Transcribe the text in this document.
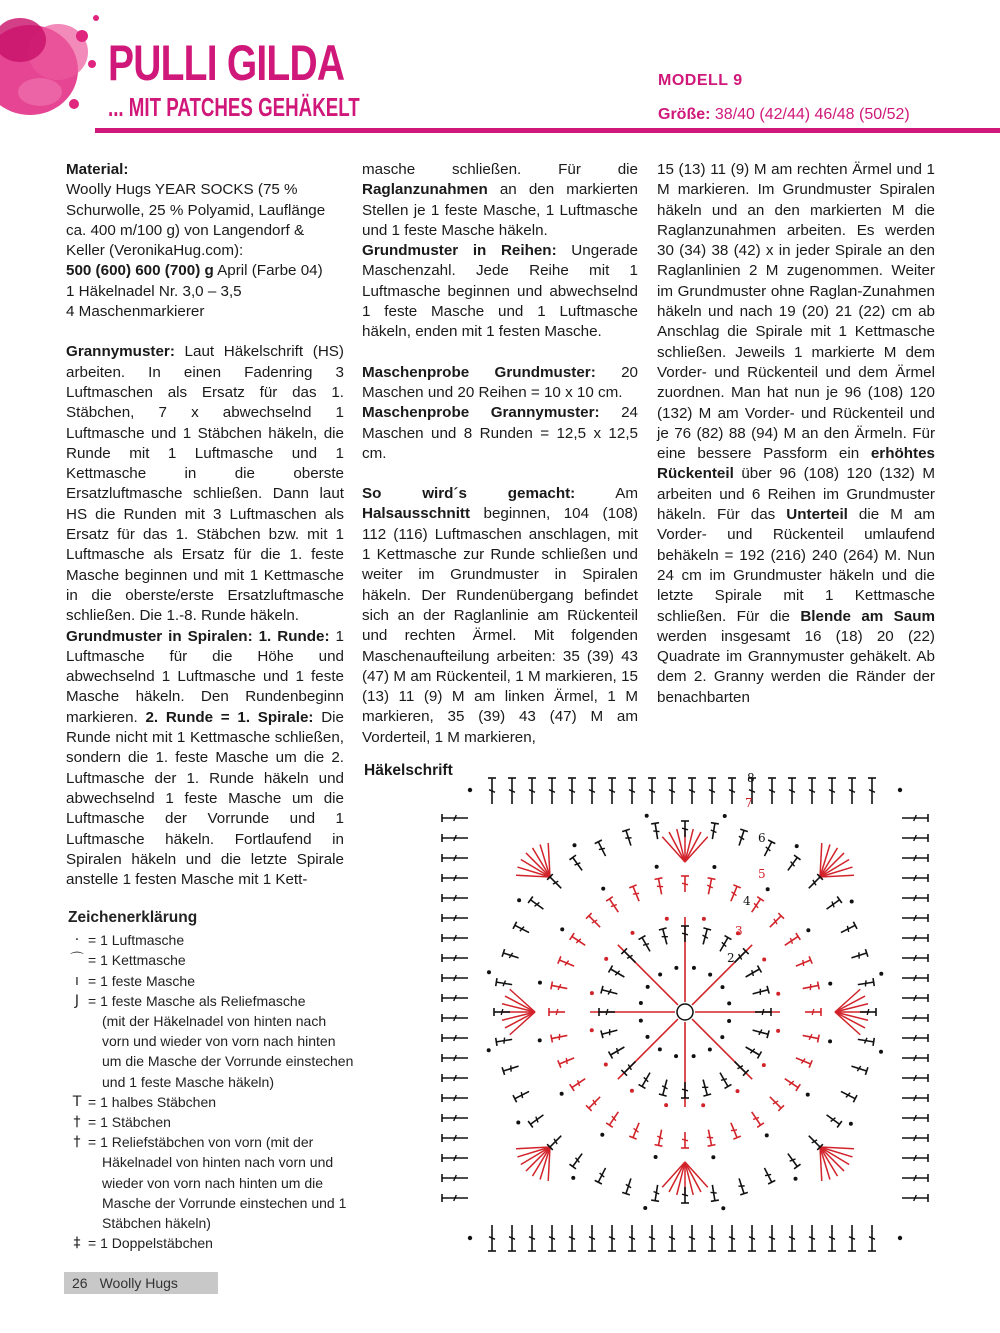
PULLI GILDA
... MIT PATCHES GEHÄKELT
MODELL 9
Größe: 38/40 (42/44) 46/48 (50/52)

Material:

Woolly Hugs YEAR SOCKS (75 % Schurwolle, 25 % Polyamid, Lauflänge ca. 400 m/100 g) von Langendorf & Keller (VeronikaHug.com):

500 (600) 600 (700) g April (Farbe 04)

1 Häkelnadel Nr. 3,0 – 3,5

4 Maschenmarkierer

Grannymuster: Laut Häkelschrift (HS) arbeiten. In einen Fadenring 3 Luftmaschen als Ersatz für das 1. Stäbchen, 7 x abwechselnd 1 Luftmasche und 1 Stäbchen häkeln, die Runde mit 1 Luftmasche und 1 Kettmasche in die oberste Ersatzluftmasche schließen. Dann laut HS die Runden mit 3 Luftmaschen als Ersatz für das 1. Stäbchen bzw. mit 1 Luftmasche als Ersatz für die 1. feste Masche beginnen und mit 1 Kettmasche in die oberste/erste Ersatzluftmasche schließen. Die 1.-8. Runde häkeln.

Grundmuster in Spiralen: 1. Runde: 1 Luftmasche für die Höhe und abwechselnd 1 Luftmasche und 1 feste Masche häkeln. Den Rundenbeginn markieren. 2. Runde = 1. Spirale: Die Runde nicht mit 1 Kettmasche schließen, sondern die 1. feste Masche um die 2. Luftmasche der 1. Runde häkeln und abwechselnd 1 feste Masche um die Luftmasche der Vorrunde und 1 Luftmasche häkeln. Fortlaufend in Spiralen häkeln und die letzte Spirale anstelle 1 festen Masche mit 1 Kett-

masche schließen. Für die Raglanzunahmen an den markierten Stellen je 1 feste Masche, 1 Luftmasche und 1 feste Masche häkeln.

Grundmuster in Reihen: Ungerade Maschenzahl. Jede Reihe mit 1 Luftmasche beginnen und abwechselnd 1 feste Masche und 1 Luftmasche häkeln, enden mit 1 festen Masche.

Maschenprobe Grundmuster: 20 Maschen und 20 Reihen = 10 x 10 cm.

Maschenprobe Grannymuster: 24 Maschen und 8 Runden = 12,5 x 12,5 cm.

So wird´s gemacht:	Am Halsausschnitt beginnen, 104 (108) 112 (116) Luftmaschen anschlagen, mit 1 Kettmasche zur Runde schließen und weiter im Grundmuster in Spiralen häkeln. Der Rundenübergang befindet sich an der Raglanlinie am Rückenteil und rechten Ärmel. Mit folgenden Maschenaufteilung arbeiten: 35 (39) 43 (47) M am Rückenteil, 1 M markieren, 15 (13) 11 (9) M am linken Ärmel, 1 M markieren, 35 (39) 43 (47) M am Vorderteil, 1 M markieren,

15 (13) 11 (9) M am rechten Ärmel und 1 M markieren. Im Grundmuster Spiralen häkeln und an den markierten M die Raglanzunahmen arbeiten. Es werden 30 (34) 38 (42) x in jeder Spirale an den Raglanlinien 2 M zugenommen. Weiter im Grundmuster ohne Raglan-Zunahmen häkeln und nach 19 (20) 21 (22) cm ab Anschlag die Spirale mit 1 Kettmasche schließen. Jeweils 1 markierte M dem Vorder- und Rückenteil und dem Ärmel zuordnen. Man hat nun je 96 (108) 120 (132) M am Vorder- und Rückenteil und je 76 (82) 88 (94) M an den Ärmeln. Für eine bessere Passform ein erhöhtes Rückenteil über 96 (108) 120 (132) M arbeiten und 6 Reihen im Grundmuster häkeln. Für das Unterteil die M am Vorder- und Rückenteil umlaufend behäkeln = 192 (216) 240 (264) M. Nun 24 cm im Grundmuster häkeln und die letzte Spirale mit 1 Kettmasche schließen. Für die Blende am Saum werden insgesamt 16 (18) 20 (22) Quadrate im Grannymuster gehäkelt. Ab dem 2. Granny werden die Ränder der benachbarten

Zeichenerklärung
· = 1 Luftmasche
⌒ = 1 Kettmasche
ı = 1 feste Masche
J = 1 feste Masche als Reliefmasche
(mit der Häkelnadel von hinten nach vorn und wieder von vorn nach hinten um die Masche der Vorrunde einstechen und 1 feste Masche häkeln)
T = 1 halbes Stäbchen
† = 1 Stäbchen
† = 1 Reliefstäbchen von vorn (mit der
Häkelnadel von hinten nach vorn und wieder von vorn nach hinten um die Masche der Vorrunde einstechen und 1 Stäbchen häkeln)
‡ = 1 Doppelstäbchen
Häkelschrift	8
7
6
5
4
3
2
26 Woolly Hugs
